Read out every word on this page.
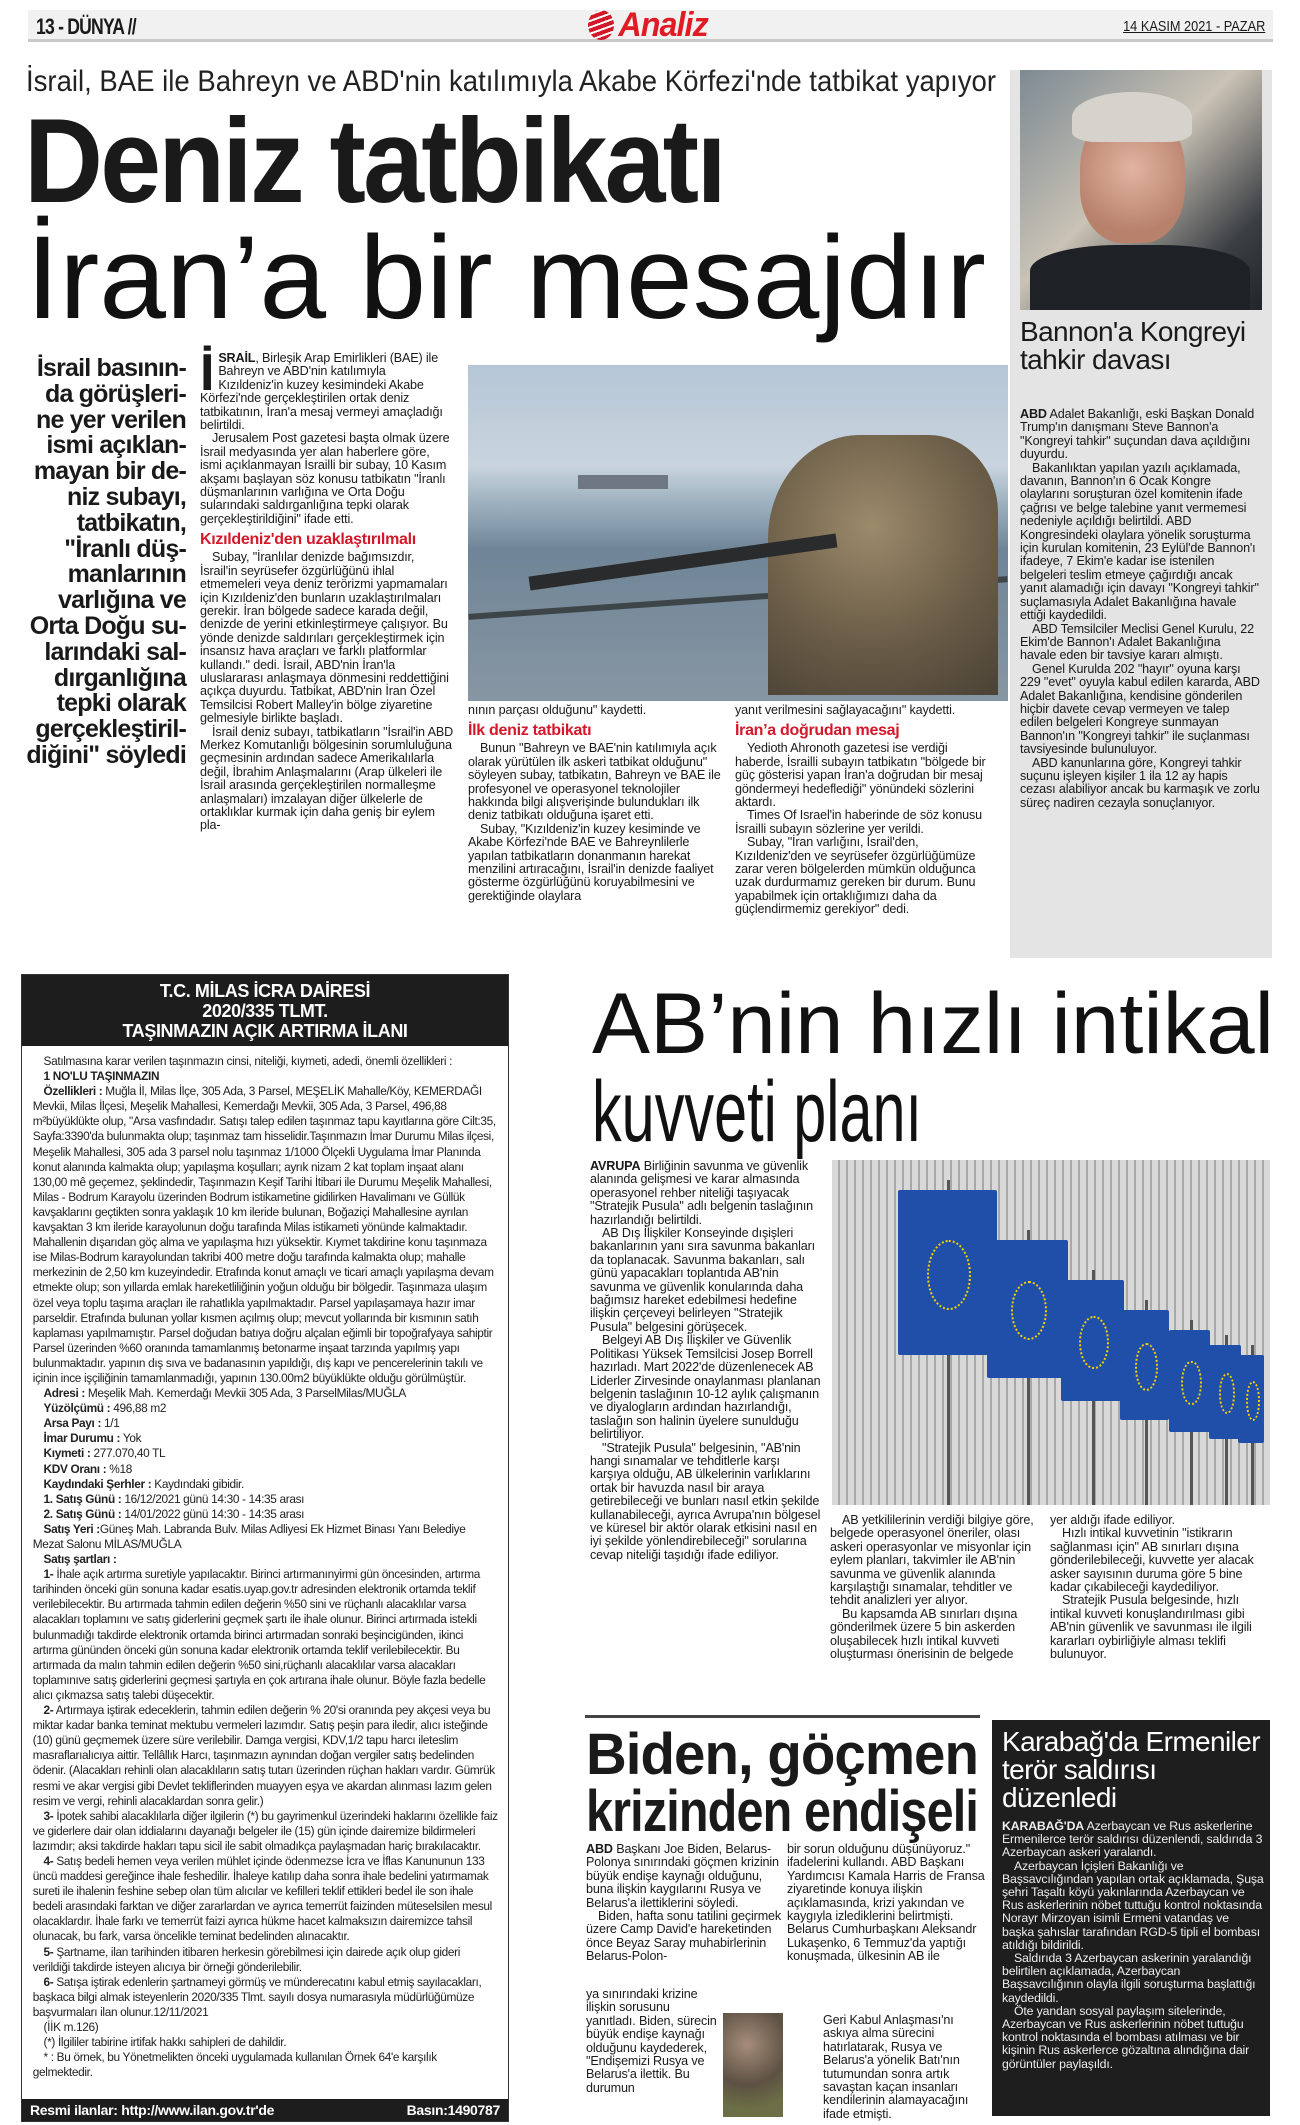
13 - DÜNYA //	Analiz	14 KASIM 2021 - PAZAR
İsrail, BAE ile Bahreyn ve ABD'nin katılımıyla Akabe Körfezi'nde tatbikat yapıyor
Deniz tatbikatı
İran’a bir mesajdır
İsrail basının-
da görüşleri-
ne yer verilen
ismi açıklan-
mayan bir de-
niz subayı,
tatbikatın,
"İranlı düş-
manlarının
varlığına ve
Orta Doğu su-
larındaki sal-
dırganlığına
tepki olarak
gerçekleştiril-
diğini" söyledi

İSRAİL, Birleşik Arap Emirlikleri (BAE) ile Bahreyn ve ABD'nin katılımıyla Kızıldeniz'in kuzey kesimindeki Akabe Körfezi'nde gerçekleştirilen ortak deniz tatbikatının, İran'a mesaj vermeyi amaçladığı belirtildi.

Jerusalem Post gazetesi başta olmak üzere İsrail medyasında yer alan haberlere göre, ismi açıklanmayan İsrailli bir subay, 10 Kasım akşamı başlayan söz konusu tatbikatın "İranlı düşmanlarının varlığına ve Orta Doğu sularındaki saldırganlığına tepki olarak gerçekleştirildiğini" ifade etti.

Kızıldeniz'den uzaklaştırılmalı

Subay, "İranlılar denizde bağımsızdır, İsrail'in seyrüsefer özgürlüğünü ihlal etmemeleri veya deniz terörizmi yapmamaları için Kızıldeniz'den bunların uzaklaştırılmaları gerekir. İran bölgede sadece karada değil, denizde de yerini etkinleştirmeye çalışıyor. Bu yönde denizde saldırıları gerçekleştirmek için insansız hava araçları ve farklı platformlar kullandı." dedi. İsrail, ABD'nin İran'la uluslararası anlaşmaya dönmesini reddettiğini açıkça duyurdu. Tatbikat, ABD'nin İran Özel Temsilcisi Robert Malley'in bölge ziyaretine gelmesiyle birlikte başladı.

İsrail deniz subayı, tatbikatların "İsrail'in ABD Merkez Komutanlığı bölgesinin sorumluluğuna geçmesinin ardından sadece Amerikalılarla değil, İbrahim Anlaşmalarını (Arap ülkeleri ile İsrail arasında gerçekleştirilen normalleşme anlaşmaları) imzalayan diğer ülkelerle de ortaklıklar kurmak için daha geniş bir eylem pla-

nının parçası olduğunu" kaydetti.

İlk deniz tatbikatı

Bunun "Bahreyn ve BAE'nin katılımıyla açık olarak yürütülen ilk askeri tatbikat olduğunu" söyleyen subay, tatbikatın, Bahreyn ve BAE ile profesyonel ve operasyonel teknolojiler hakkında bilgi alışverişinde bulundukları ilk deniz tatbikatı olduğuna işaret etti.

Subay, "Kızıldeniz'in kuzey kesiminde ve Akabe Körfezi'nde BAE ve Bahreynlilerle yapılan tatbikatların donanmanın harekat menzilini artıracağını, İsrail'in denizde faaliyet gösterme özgürlüğünü koruyabilmesini ve gerektiğinde olaylara

yanıt verilmesini sağlayacağını" kaydetti.

İran’a doğrudan mesaj

Yedioth Ahronoth gazetesi ise verdiği haberde, İsrailli subayın tatbikatın "bölgede bir güç gösterisi yapan İran'a doğrudan bir mesaj göndermeyi hedeflediği" yönündeki sözlerini aktardı.

Times Of Israel'in haberinde de söz konusu İsrailli subayın sözlerine yer verildi.

Subay, "İran varlığını, İsrail'den, Kızıldeniz'den ve seyrüsefer özgürlüğümüze zarar veren bölgelerden mümkün olduğunca uzak durdurmamız gereken bir durum. Bunu yapabilmek için ortaklığımızı daha da güçlendirmemiz gerekiyor" dedi.

Bannon'a Kongreyi tahkir davası

ABD Adalet Bakanlığı, eski Başkan Donald Trump'ın danışmanı Steve Bannon'a "Kongreyi tahkir" suçundan dava açıldığını duyurdu.

Bakanlıktan yapılan yazılı açıklamada, davanın, Bannon'ın 6 Ocak Kongre olaylarını soruşturan özel komitenin ifade çağrısı ve belge talebine yanıt vermemesi nedeniyle açıldığı belirtildi. ABD Kongresindeki olaylara yönelik soruşturma için kurulan komitenin, 23 Eylül'de Bannon'ı ifadeye, 7 Ekim'e kadar ise istenilen belgeleri teslim etmeye çağırdığı ancak yanıt alamadığı için davayı "Kongreyi tahkir" suçlamasıyla Adalet Bakanlığına havale ettiği kaydedildi.

ABD Temsilciler Meclisi Genel Kurulu, 22 Ekim'de Bannon'ı Adalet Bakanlığına havale eden bir tavsiye kararı almıştı.

Genel Kurulda 202 "hayır" oyuna karşı 229 "evet" oyuyla kabul edilen kararda, ABD Adalet Bakanlığına, kendisine gönderilen hiçbir davete cevap vermeyen ve talep edilen belgeleri Kongreye sunmayan Bannon'ın "Kongreyi tahkir" ile suçlanması tavsiyesinde bulunuluyor.

ABD kanunlarına göre, Kongreyi tahkir suçunu işleyen kişiler 1 ila 12 ay hapis cezası alabiliyor ancak bu karmaşık ve zorlu süreç nadiren cezayla sonuçlanıyor.

T.C. MİLAS İCRA DAİRESİ
2020/335 TLMT.
TAŞINMAZIN AÇIK ARTIRMA İLANI

Satılmasına karar verilen taşınmazın cinsi, niteliği, kıymeti, adedi, önemli özellikleri :

1 NO'LU TAŞINMAZIN

Özellikleri : Muğla İl, Milas İlçe, 305 Ada, 3 Parsel, MEŞELİK Mahalle/Köy, KEMERDAĞI Mevkii, Milas İlçesi, Meşelik Mahallesi, Kemerdağı Mevkii, 305 Ada, 3 Parsel, 496,88 m²büyüklükte olup, "Arsa vasfındadır. Satışı talep edilen taşınmaz tapu kayıtlarına göre Cilt:35, Sayfa:3390'da bulunmakta olup; taşınmaz tam hisselidir.Taşınmazın İmar Durumu Milas ilçesi, Meşelik Mahallesi, 305 ada 3 parsel nolu taşınmaz 1/1000 Ölçekli Uygulama İmar Planında konut alanında kalmakta olup; yapılaşma koşulları; ayrık nizam 2 kat toplam inşaat alanı 130,00 mê geçemez, şeklindedir, Taşınmazın Keşif Tarihi İtibari ile Durumu Meşelik Mahallesi, Milas - Bodrum Karayolu üzerinden Bodrum istikametine gidilirken Havalimanı ve Güllük kavşaklarını geçtikten sonra yaklaşık 10 km ileride bulunan, Boğaziçi Mahallesine ayrılan kavşaktan 3 km ileride karayolunun doğu tarafında Milas istikameti yönünde kalmaktadır. Mahallenin dışarıdan göç alma ve yapılaşma hızı yüksektir. Kıymet takdirine konu taşınmaza ise Milas-Bodrum karayolundan takribi 400 metre doğu tarafında kalmakta olup; mahalle merkezinin de 2,50 km kuzeyindedir. Etrafında konut amaçlı ve ticari amaçlı yapılaşma devam etmekte olup; son yıllarda emlak hareketliliğinin yoğun olduğu bir bölgedir. Taşınmaza ulaşım özel veya toplu taşıma araçları ile rahatlıkla yapılmaktadır. Parsel yapılaşamaya hazır imar parseldir. Etrafında bulunan yollar kısmen açılmış olup; mevcut yollarında bir kısmının satıh kaplaması yapılmamıştır. Parsel doğudan batıya doğru alçalan eğimli bir topoğrafyaya sahiptir Parsel üzerinden %60 oranında tamamlanmış betonarme inşaat tarzında yapılmış yapı bulunmaktadır. yapının dış sıva ve badanasının yapıldığı, dış kapı ve pencerelerinin takılı ve içinin ince işçiliğinin tamamlanmadığı, yapının 130.00m2 büyüklükte olduğu görülmüştür.

Adresi : Meşelik Mah. Kemerdağı Mevkii 305 Ada, 3 ParselMilas/MUĞLA

Yüzölçümü : 496,88 m2

Arsa Payı : 1/1

İmar Durumu : Yok

Kıymeti : 277.070,40 TL

KDV Oranı : %18

Kaydındaki Şerhler : Kaydındaki gibidir.

1. Satış Günü : 16/12/2021 günü 14:30 - 14:35 arası

2. Satış Günü : 14/01/2022 günü 14:30 - 14:35 arası

Satış Yeri :Güneş Mah. Labranda Bulv. Milas Adliyesi Ek Hizmet Binası Yanı Belediye Mezat Salonu MİLAS/MUĞLA

Satış şartları :

1- İhale açık artırma suretiyle yapılacaktır. Birinci artırmanınyirmi gün öncesinden, artırma tarihinden önceki gün sonuna kadar esatis.uyap.gov.tr adresinden elektronik ortamda teklif verilebilecektir. Bu artırmada tahmin edilen değerin %50 sini ve rüçhanlı alacaklılar varsa alacakları toplamını ve satış giderlerini geçmek şartı ile ihale olunur. Birinci artırmada istekli bulunmadığı takdirde elektronik ortamda birinci artırmadan sonraki beşincigünden, ikinci artırma gününden önceki gün sonuna kadar elektronik ortamda teklif verilebilecektir. Bu artırmada da malın tahmin edilen değerin %50 sini,rüçhanlı alacaklılar varsa alacakları toplamınıve satış giderlerini geçmesi şartıyla en çok artırana ihale olunur. Böyle fazla bedelle alıcı çıkmazsa satış talebi düşecektir.

2- Artırmaya iştirak edeceklerin, tahmin edilen değerin % 20'si oranında pey akçesi veya bu miktar kadar banka teminat mektubu vermeleri lazımdır. Satış peşin para iledir, alıcı isteğinde (10) günü geçmemek üzere süre verilebilir. Damga vergisi, KDV,1/2 tapu harcı ileteslim masraflarıalıcıya aittir. Tellâllık Harcı, taşınmazın aynından doğan vergiler satış bedelinden ödenir. (Alacakları rehinli olan alacaklıların satış tutarı üzerinden rüçhan hakları vardır. Gümrük resmi ve akar vergisi gibi Devlet tekliflerinden muayyen eşya ve akardan alınması lazım gelen resim ve vergi, rehinli alacaklardan sonra gelir.)

3- İpotek sahibi alacaklılarla diğer ilgilerin (*) bu gayrimenkul üzerindeki haklarını özellikle faiz ve giderlere dair olan iddialarını dayanağı belgeler ile (15) gün içinde dairemize bildirmeleri lazımdır; aksi takdirde hakları tapu sicil ile sabit olmadıkça paylaşmadan hariç bırakılacaktır.

4- Satış bedeli hemen veya verilen mühlet içinde ödenmezse İcra ve İflas Kanununun 133 üncü maddesi gereğince ihale feshedilir. İhaleye katılıp daha sonra ihale bedelini yatırmamak sureti ile ihalenin feshine sebep olan tüm alıcılar ve kefilleri teklif ettikleri bedel ile son ihale bedeli arasındaki farktan ve diğer zararlardan ve ayrıca temerrüt faizinden müteselsilen mesul olacaklardır. İhale farkı ve temerrüt faizi ayrıca hükme hacet kalmaksızın dairemizce tahsil olunacak, bu fark, varsa öncelikle teminat bedelinden alınacaktır.

5- Şartname, ilan tarihinden itibaren herkesin görebilmesi için dairede açık olup gideri verildiği takdirde isteyen alıcıya bir örneği gönderilebilir.

6- Satışa iştirak edenlerin şartnameyi görmüş ve münderecatını kabul etmiş sayılacakları, başkaca bilgi almak isteyenlerin 2020/335 Tlmt. sayılı dosya numarasıyla müdürlüğümüze başvurmaları ilan olunur.12/11/2021

(İİK m.126)

(*) İlgililer tabirine irtifak hakkı sahipleri de dahildir.

* : Bu örnek, bu Yönetmelikten önceki uygulamada kullanılan Örnek 64'e karşılık gelmektedir.

Resmi ilanlar: http://www.ilan.gov.tr'de	Basın:1490787
AB’nin hızlı intikal
kuvveti planı

AVRUPA Birliğinin savunma ve güvenlik alanında gelişmesi ve karar almasında operasyonel rehber niteliği taşıyacak "Stratejik Pusula" adlı belgenin taslağının hazırlandığı belirtildi.

AB Dış İlişkiler Konseyinde dışişleri bakanlarının yanı sıra savunma bakanları da toplanacak. Savunma bakanları, salı günü yapacakları toplantıda AB'nin savunma ve güvenlik konularında daha bağımsız hareket edebilmesi hedefine ilişkin çerçeveyi belirleyen "Stratejik Pusula" belgesini görüşecek.

Belgeyi AB Dış İlişkiler ve Güvenlik Politikası Yüksek Temsilcisi Josep Borrell hazırladı. Mart 2022'de düzenlenecek AB Liderler Zirvesinde onaylanması planlanan belgenin taslağının 10-12 aylık çalışmanın ve diyalogların ardından hazırlandığı, taslağın son halinin üyelere sunulduğu belirtiliyor.

"Stratejik Pusula" belgesinin, "AB'nin hangi sınamalar ve tehditlerle karşı karşıya olduğu, AB ülkelerinin varlıklarını ortak bir havuzda nasıl bir araya getirebileceği ve bunları nasıl etkin şekilde kullanabileceği, ayrıca Avrupa'nın bölgesel ve küresel bir aktör olarak etkisini nasıl en iyi şekilde yönlendirebileceği" sorularına cevap niteliği taşıdığı ifade ediliyor.

AB yetkililerinin verdiği bilgiye göre, belgede operasyonel öneriler, olası askeri operasyonlar ve misyonlar için eylem planları, takvimler ile AB'nin savunma ve güvenlik alanında karşılaştığı sınamalar, tehditler ve tehdit analizleri yer alıyor.

Bu kapsamda AB sınırları dışına gönderilmek üzere 5 bin askerden oluşabilecek hızlı intikal kuvveti oluşturması önerisinin de belgede

yer aldığı ifade ediliyor.

Hızlı intikal kuvvetinin "istikrarın sağlanması için" AB sınırları dışına gönderilebileceği, kuvvette yer alacak asker sayısının duruma göre 5 bine kadar çıkabileceği kaydediliyor.

Stratejik Pusula belgesinde, hızlı intikal kuvveti konuşlandırılması gibi AB'nin güvenlik ve savunması ile ilgili kararları oybirliğiyle alması teklifi bulunuyor.

Biden, göçmen
krizinden endişeli

ABD Başkanı Joe Biden, Belarus-Polonya sınırındaki göçmen krizinin büyük endişe kaynağı olduğunu, buna ilişkin kaygılarını Rusya ve Belarus'a ilettiklerini söyledi.

Biden, hafta sonu tatilini geçirmek üzere Camp David'e hareketinden önce Beyaz Saray muhabirlerinin Belarus-Polon-

ya sınırındaki krizine ilişkin sorusunu yanıtladı. Biden, sürecin büyük endişe kaynağı olduğunu kaydederek, "Endişemizi Rusya ve Belarus'a ilettik. Bu durumun

bir sorun olduğunu düşünüyoruz." ifadelerini kullandı. ABD Başkanı Yardımcısı Kamala Harris de Fransa ziyaretinde konuya ilişkin açıklamasında, krizi yakından ve kaygıyla izlediklerini belirtmişti. Belarus Cumhurbaşkanı Aleksandr Lukaşenko, 6 Temmuz'da yaptığı konuşmada, ülkesinin AB ile

Geri Kabul Anlaşması'nı askıya alma sürecini hatırlatarak, Rusya ve Belarus'a yönelik Batı'nın tutumundan sonra artık savaştan kaçan insanları kendilerinin alamayacağını ifade etmişti.

Karabağ'da Ermeniler terör saldırısı düzenledi

KARABAĞ'DA Azerbaycan ve Rus askerlerine Ermenilerce terör saldırısı düzenlendi, saldırıda 3 Azerbaycan askeri yaralandı.

Azerbaycan İçişleri Bakanlığı ve Başsavcılığından yapılan ortak açıklamada, Şuşa şehri Taşaltı köyü yakınlarında Azerbaycan ve Rus askerlerinin nöbet tuttuğu kontrol noktasında Norayr Mirzoyan isimli Ermeni vatandaş ve başka şahıslar tarafından RGD-5 tipli el bombası atıldığı bildirildi.

Saldırıda 3 Azerbaycan askerinin yaralandığı belirtilen açıklamada, Azerbaycan Başsavcılığının olayla ilgili soruşturma başlattığı kaydedildi.

Öte yandan sosyal paylaşım sitelerinde, Azerbaycan ve Rus askerlerinin nöbet tuttuğu kontrol noktasında el bombası atılması ve bir kişinin Rus askerlerce gözaltına alındığına dair görüntüler paylaşıldı.
